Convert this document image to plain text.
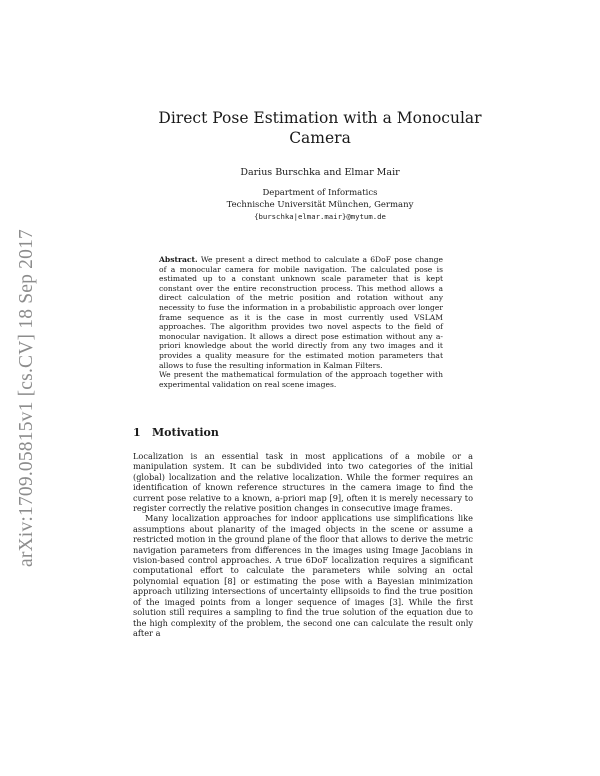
arXiv:1709.05815v1 [cs.CV] 18 Sep 2017
Direct Pose Estimation with a Monocular Camera
Darius Burschka and Elmar Mair
Department of Informatics
Technische Universität München, Germany
{burschka|elmar.mair}@mytum.de

Abstract. We present a direct method to calculate a 6DoF pose change of a monocular camera for mobile navigation. The calculated pose is estimated up to a constant unknown scale parameter that is kept constant over the entire reconstruction process. This method allows a direct calculation of the metric position and rotation without any necessity to fuse the information in a probabilistic approach over longer frame sequence as it is the case in most currently used VSLAM approaches. The algorithm provides two novel aspects to the field of monocular navigation. It allows a direct pose estimation without any a-priori knowledge about the world directly from any two images and it provides a quality measure for the estimated motion parameters that allows to fuse the resulting information in Kalman Filters.

We present the mathematical formulation of the approach together with experimental validation on real scene images.

1 Motivation

Localization is an essential task in most applications of a mobile or a manipulation system. It can be subdivided into two categories of the initial (global) localization and the relative localization. While the former requires an identification of known reference structures in the camera image to find the current pose relative to a known, a-priori map [9], often it is merely necessary to register correctly the relative position changes in consecutive image frames.

Many localization approaches for indoor applications use simplifications like assumptions about planarity of the imaged objects in the scene or assume a restricted motion in the ground plane of the floor that allows to derive the metric navigation parameters from differences in the images using Image Jacobians in vision-based control approaches. A true 6DoF localization requires a significant computational effort to calculate the parameters while solving an octal polynomial equation [8] or estimating the pose with a Bayesian minimization approach utilizing intersections of uncertainty ellipsoids to find the true position of the imaged points from a longer sequence of images [3]. While the first solution still requires a sampling to find the true solution of the equation due to the high complexity of the problem, the second one can calculate the result only after a
